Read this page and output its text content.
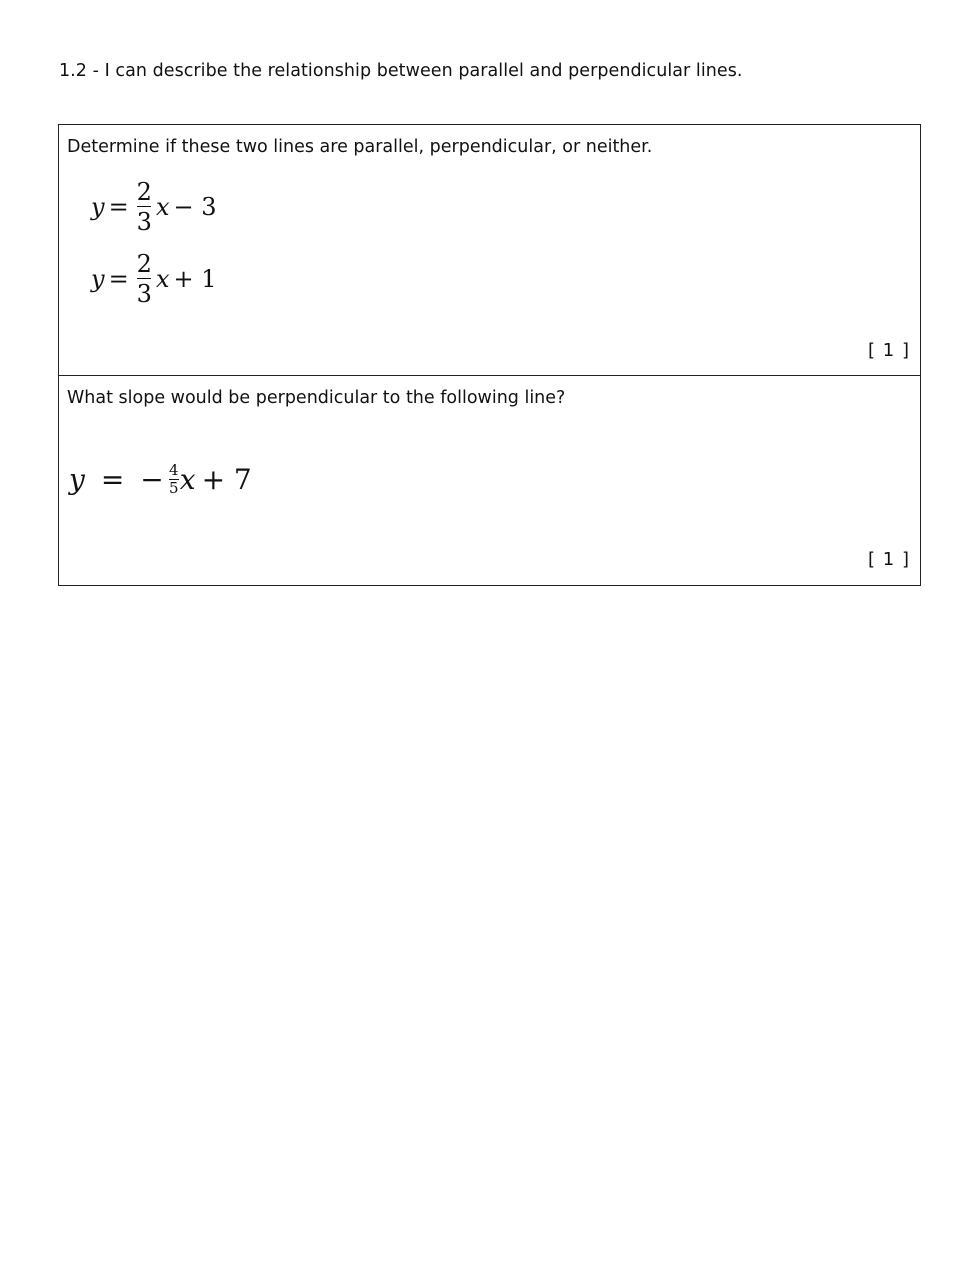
1.2 - I can describe the relationship between parallel and perpendicular lines.
Determine if these two lines are parallel, perpendicular, or neither.
$y = \frac{2}{3}$ x − 3
$y = \frac{2}{3}$ x + 1
[ 1 ]
What slope would be perpendicular to the following line?
[ 1 ]
y = − $\frac{4}{5}$ x + 7
